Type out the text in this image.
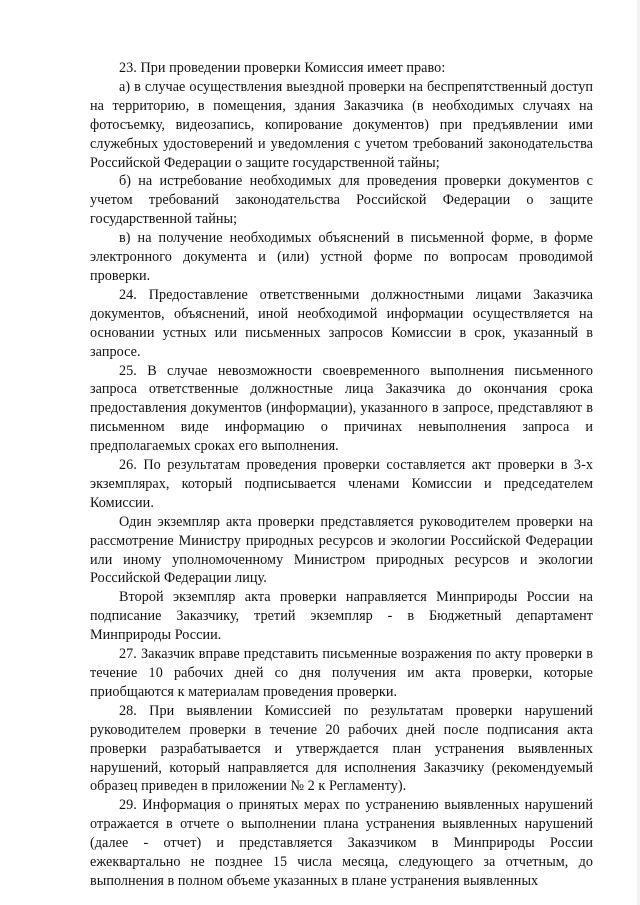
23. При проведении проверки Комиссия имеет право:

а) в случае осуществления выездной проверки на беспрепятственный доступ на территорию, в помещения, здания Заказчика (в необходимых случаях на фотосъемку, видеозапись, копирование документов) при предъявлении ими служебных удостоверений и уведомления с учетом требований законодательства Российской Федерации о защите государственной тайны;

б) на истребование необходимых для проведения проверки документов с учетом требований законодательства Российской Федерации о защите государственной тайны;

в) на получение необходимых объяснений в письменной форме, в форме электронного документа и (или) устной форме по вопросам проводимой проверки.

24. Предоставление ответственными должностными лицами Заказчика документов, объяснений, иной необходимой информации осуществляется на основании устных или письменных запросов Комиссии в срок, указанный в запросе.

25. В случае невозможности своевременного выполнения письменного запроса ответственные должностные лица Заказчика до окончания срока предоставления документов (информации), указанного в запросе, представляют в письменном виде информацию о причинах невыполнения запроса и предполагаемых сроках его выполнения.

26. По результатам проведения проверки составляется акт проверки в 3-х экземплярах, который подписывается членами Комиссии и председателем Комиссии.

Один экземпляр акта проверки представляется руководителем проверки на рассмотрение Министру природных ресурсов и экологии Российской Федерации или иному уполномоченному Министром природных ресурсов и экологии Российской Федерации лицу.

Второй экземпляр акта проверки направляется Минприроды России на подписание Заказчику, третий экземпляр - в Бюджетный департамент Минприроды России.

27. Заказчик вправе представить письменные возражения по акту проверки в течение 10 рабочих дней со дня получения им акта проверки, которые приобщаются к материалам проведения проверки.

28. При выявлении Комиссией по результатам проверки нарушений руководителем проверки в течение 20 рабочих дней после подписания акта проверки разрабатывается и утверждается план устранения выявленных нарушений, который направляется для исполнения Заказчику (рекомендуемый образец приведен в приложении № 2 к Регламенту).

29. Информация о принятых мерах по устранению выявленных нарушений отражается в отчете о выполнении плана устранения выявленных нарушений (далее - отчет) и представляется Заказчиком в Минприроды России ежеквартально не позднее 15 числа месяца, следующего за отчетным, до выполнения в полном объеме указанных в плане устранения выявленных
